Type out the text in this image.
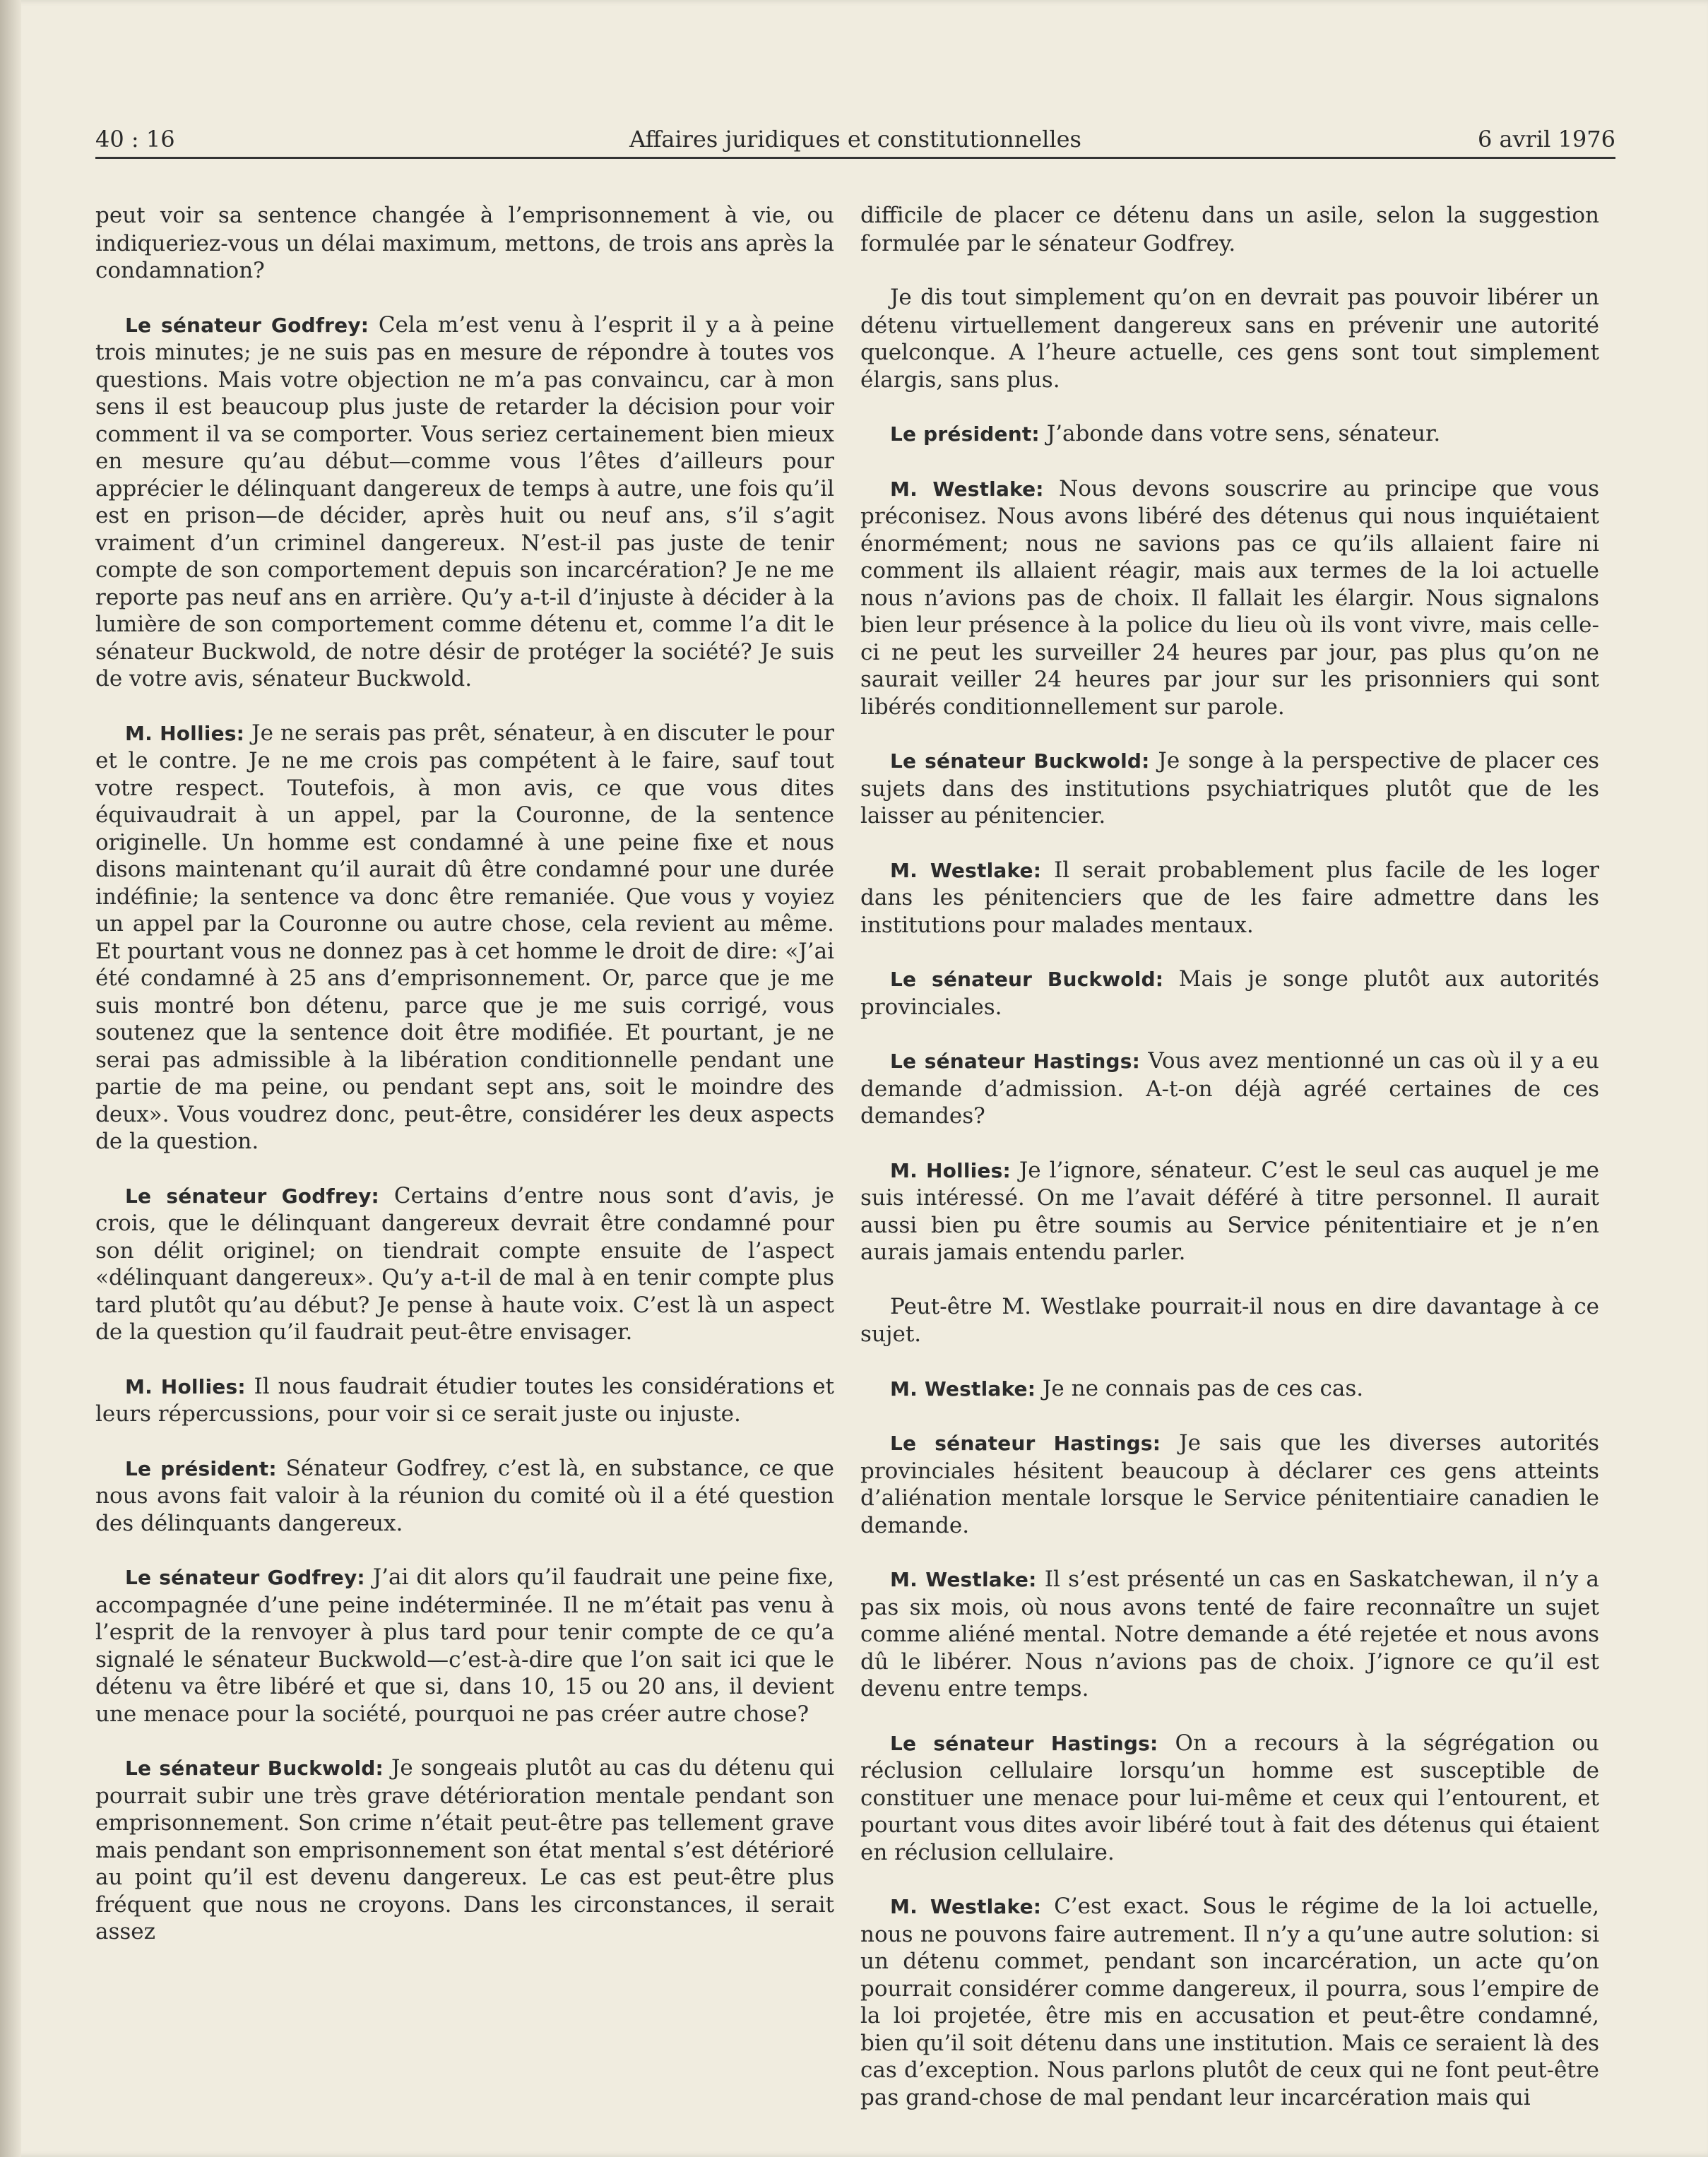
40 : 16	Affaires juridiques et constitutionnelles	6 avril 1976

peut voir sa sentence changée à l’emprisonnement à vie, ou indiqueriez-vous un délai maximum, mettons, de trois ans après la condamnation?

Le sénateur Godfrey: Cela m’est venu à l’esprit il y a à peine trois minutes; je ne suis pas en mesure de répondre à toutes vos questions. Mais votre objection ne m’a pas convaincu, car à mon sens il est beaucoup plus juste de retarder la décision pour voir comment il va se comporter. Vous seriez certainement bien mieux en mesure qu’au début—comme vous l’êtes d’ailleurs pour apprécier le délinquant dangereux de temps à autre, une fois qu’il est en prison—de décider, après huit ou neuf ans, s’il s’agit vraiment d’un criminel dangereux. N’est-il pas juste de tenir compte de son comportement depuis son incarcération? Je ne me reporte pas neuf ans en arrière. Qu’y a-t-il d’injuste à décider à la lumière de son comportement comme détenu et, comme l’a dit le sénateur Buckwold, de notre désir de protéger la société? Je suis de votre avis, sénateur Buckwold.

M. Hollies: Je ne serais pas prêt, sénateur, à en discuter le pour et le contre. Je ne me crois pas compétent à le faire, sauf tout votre respect. Toutefois, à mon avis, ce que vous dites équivaudrait à un appel, par la Couronne, de la sentence originelle. Un homme est condamné à une peine fixe et nous disons maintenant qu’il aurait dû être condamné pour une durée indéfinie; la sentence va donc être remaniée. Que vous y voyiez un appel par la Couronne ou autre chose, cela revient au même. Et pourtant vous ne donnez pas à cet homme le droit de dire: «J’ai été condamné à 25 ans d’emprisonnement. Or, parce que je me suis montré bon détenu, parce que je me suis corrigé, vous soutenez que la sentence doit être modifiée. Et pourtant, je ne serai pas admissible à la libération conditionnelle pendant une partie de ma peine, ou pendant sept ans, soit le moindre des deux». Vous voudrez donc, peut-être, considérer les deux aspects de la question.

Le sénateur Godfrey: Certains d’entre nous sont d’avis, je crois, que le délinquant dangereux devrait être condamné pour son délit originel; on tiendrait compte ensuite de l’aspect «délinquant dangereux». Qu’y a-t-il de mal à en tenir compte plus tard plutôt qu’au début? Je pense à haute voix. C’est là un aspect de la question qu’il faudrait peut-être envisager.

M. Hollies: Il nous faudrait étudier toutes les considérations et leurs répercussions, pour voir si ce serait juste ou injuste.

Le président: Sénateur Godfrey, c’est là, en substance, ce que nous avons fait valoir à la réunion du comité où il a été question des délinquants dangereux.

Le sénateur Godfrey: J’ai dit alors qu’il faudrait une peine fixe, accompagnée d’une peine indéterminée. Il ne m’était pas venu à l’esprit de la renvoyer à plus tard pour tenir compte de ce qu’a signalé le sénateur Buckwold—c’est-à-dire que l’on sait ici que le détenu va être libéré et que si, dans 10, 15 ou 20 ans, il devient une menace pour la société, pourquoi ne pas créer autre chose?

Le sénateur Buckwold: Je songeais plutôt au cas du détenu qui pourrait subir une très grave détérioration mentale pendant son emprisonnement. Son crime n’était peut-être pas tellement grave mais pendant son emprisonnement son état mental s’est détérioré au point qu’il est devenu dangereux. Le cas est peut-être plus fréquent que nous ne croyons. Dans les circonstances, il serait assez

difficile de placer ce détenu dans un asile, selon la suggestion formulée par le sénateur Godfrey.

Je dis tout simplement qu’on en devrait pas pouvoir libérer un détenu virtuellement dangereux sans en prévenir une autorité quelconque. A l’heure actuelle, ces gens sont tout simplement élargis, sans plus.

Le président: J’abonde dans votre sens, sénateur.

M. Westlake: Nous devons souscrire au principe que vous préconisez. Nous avons libéré des détenus qui nous inquiétaient énormément; nous ne savions pas ce qu’ils allaient faire ni comment ils allaient réagir, mais aux termes de la loi actuelle nous n’avions pas de choix. Il fallait les élargir. Nous signalons bien leur présence à la police du lieu où ils vont vivre, mais celle-ci ne peut les surveiller 24 heures par jour, pas plus qu’on ne saurait veiller 24 heures par jour sur les prisonniers qui sont libérés conditionnellement sur parole.

Le sénateur Buckwold: Je songe à la perspective de placer ces sujets dans des institutions psychiatriques plutôt que de les laisser au pénitencier.

M. Westlake: Il serait probablement plus facile de les loger dans les pénitenciers que de les faire admettre dans les institutions pour malades mentaux.

Le sénateur Buckwold: Mais je songe plutôt aux autorités provinciales.

Le sénateur Hastings: Vous avez mentionné un cas où il y a eu demande d’admission. A-t-on déjà agréé certaines de ces demandes?

M. Hollies: Je l’ignore, sénateur. C’est le seul cas auquel je me suis intéressé. On me l’avait déféré à titre personnel. Il aurait aussi bien pu être soumis au Service pénitentiaire et je n’en aurais jamais entendu parler.

Peut-être M. Westlake pourrait-il nous en dire davantage à ce sujet.

M. Westlake: Je ne connais pas de ces cas.

Le sénateur Hastings: Je sais que les diverses autorités provinciales hésitent beaucoup à déclarer ces gens atteints d’aliénation mentale lorsque le Service pénitentiaire canadien le demande.

M. Westlake: Il s’est présenté un cas en Saskatchewan, il n’y a pas six mois, où nous avons tenté de faire reconnaître un sujet comme aliéné mental. Notre demande a été rejetée et nous avons dû le libérer. Nous n’avions pas de choix. J’ignore ce qu’il est devenu entre temps.

Le sénateur Hastings: On a recours à la ségrégation ou réclusion cellulaire lorsqu’un homme est susceptible de constituer une menace pour lui-même et ceux qui l’entourent, et pourtant vous dites avoir libéré tout à fait des détenus qui étaient en réclusion cellulaire.

M. Westlake: C’est exact. Sous le régime de la loi actuelle, nous ne pouvons faire autrement. Il n’y a qu’une autre solution: si un détenu commet, pendant son incarcération, un acte qu’on pourrait considérer comme dangereux, il pourra, sous l’empire de la loi projetée, être mis en accusation et peut-être condamné, bien qu’il soit détenu dans une institution. Mais ce seraient là des cas d’exception. Nous parlons plutôt de ceux qui ne font peut-être pas grand-chose de mal pendant leur incarcération mais qui
